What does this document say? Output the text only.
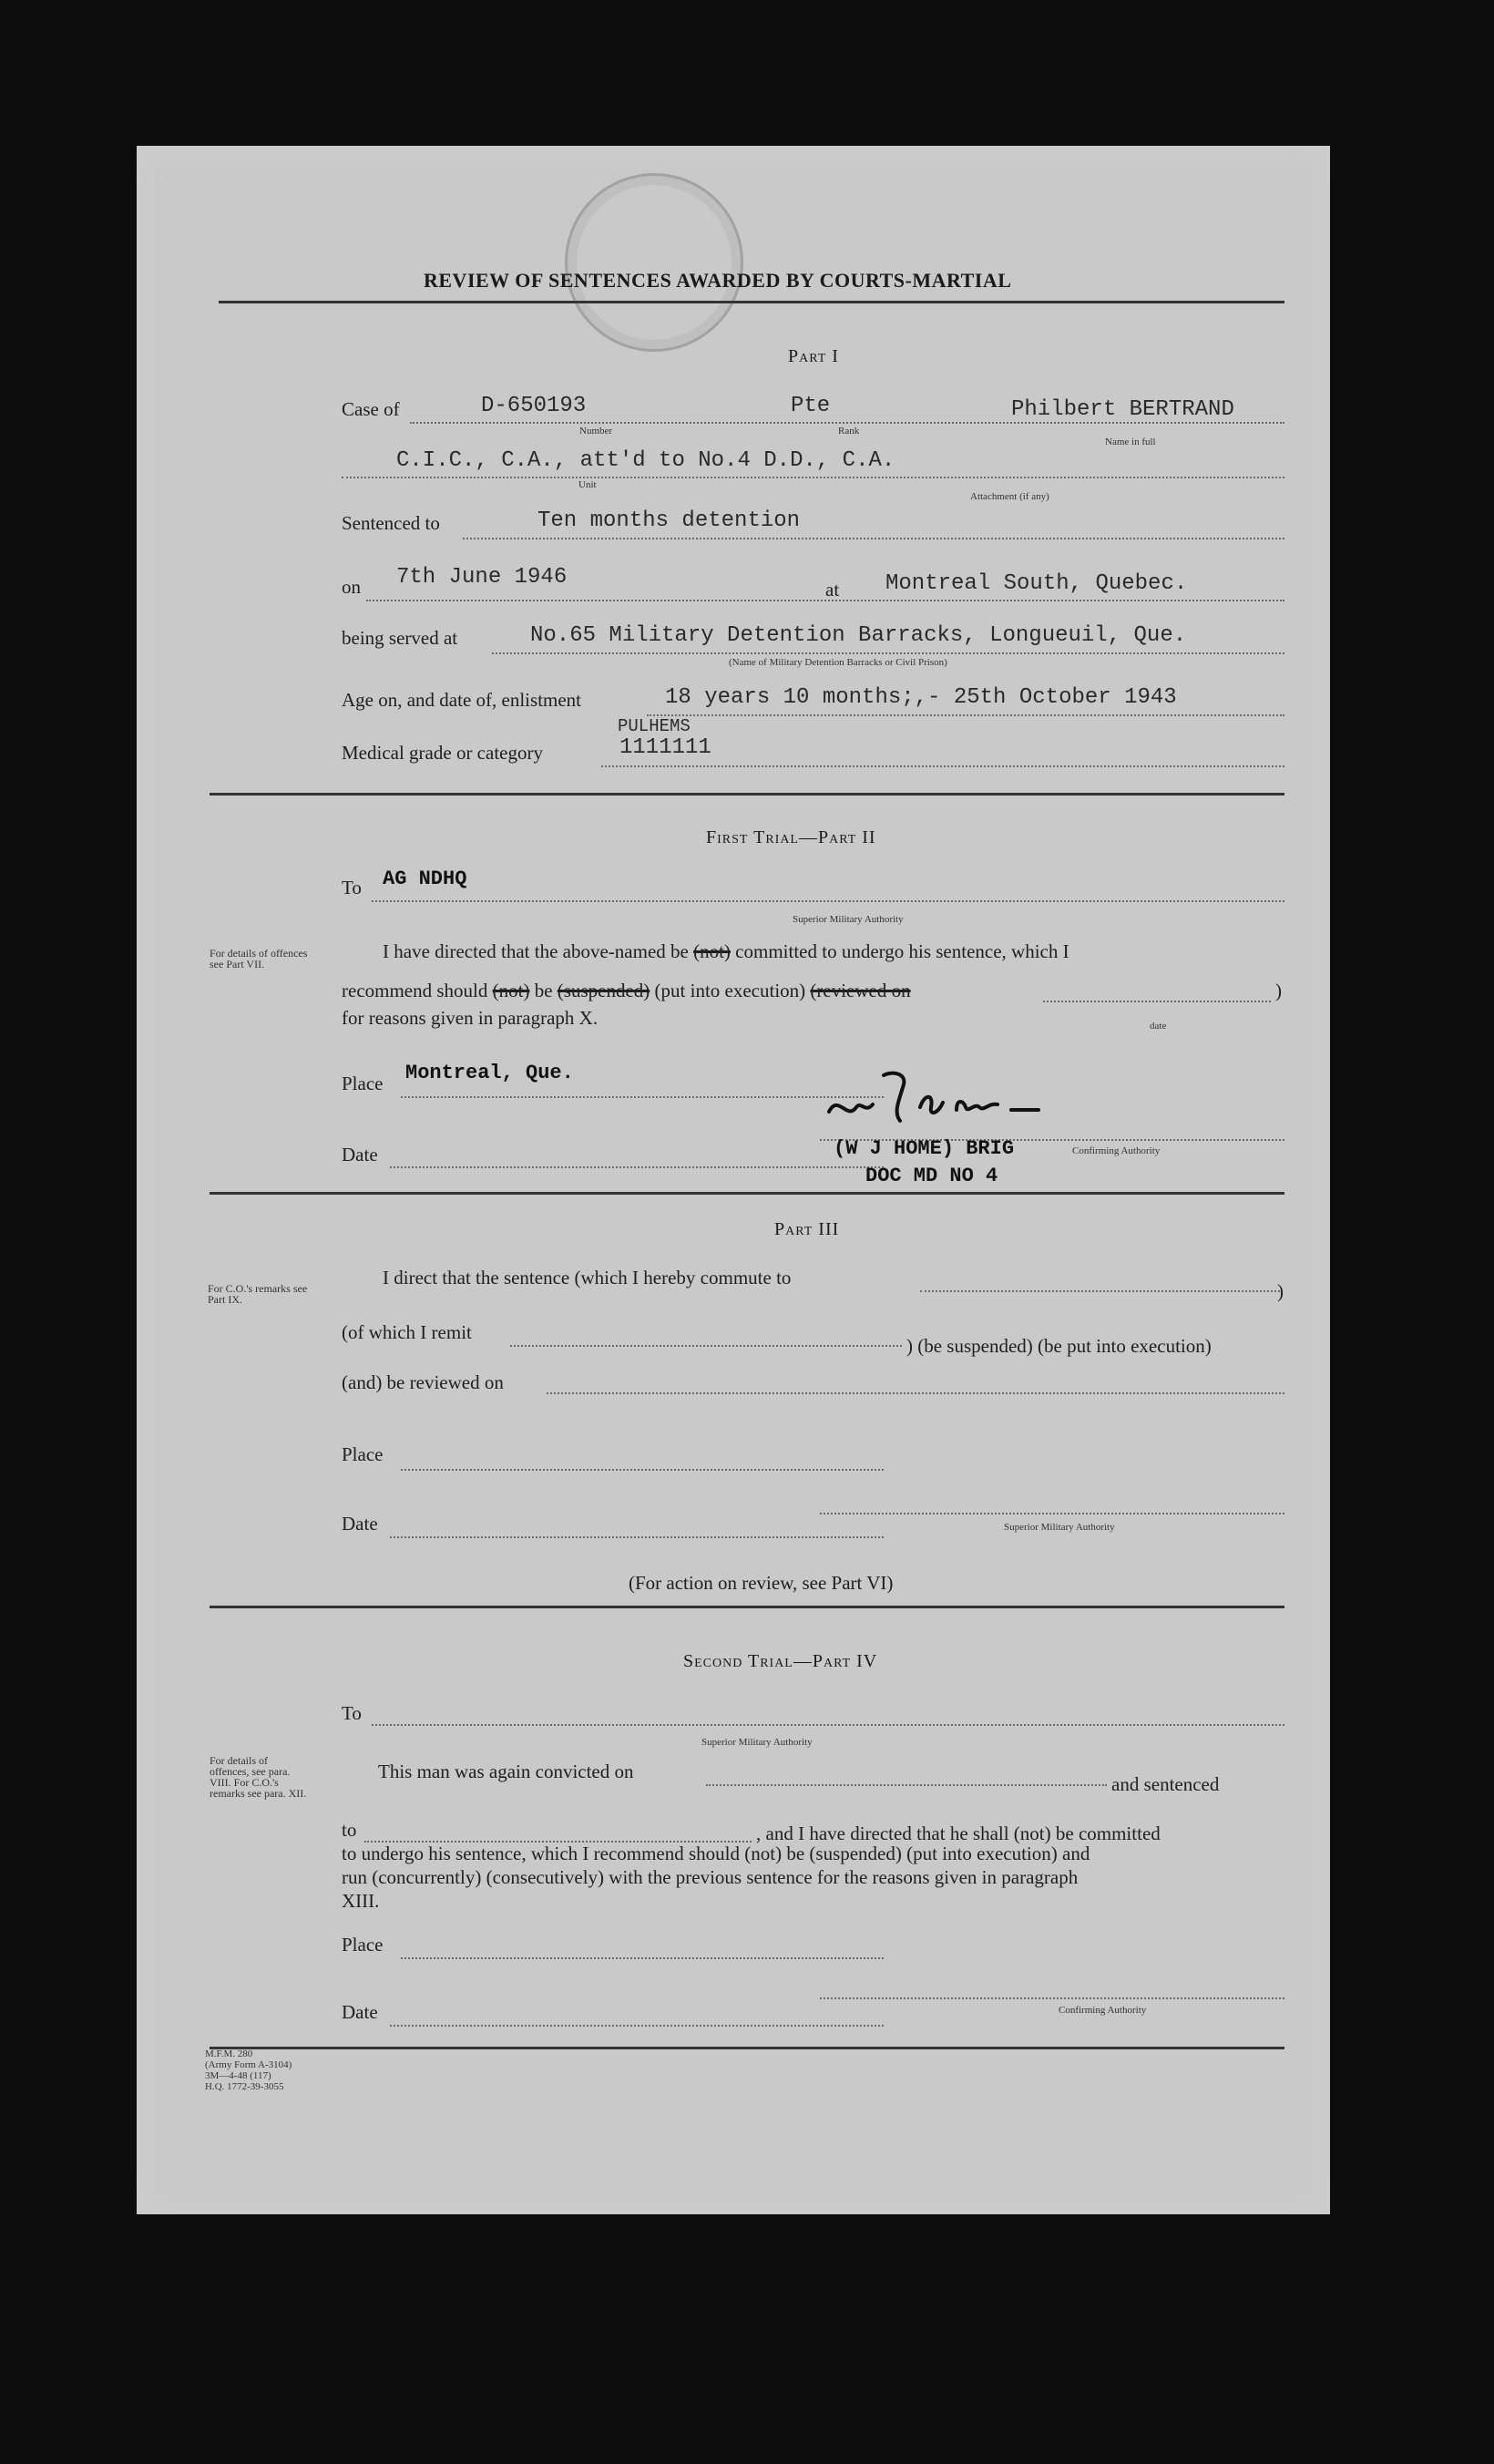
REVIEW OF SENTENCES AWARDED BY COURTS-MARTIAL
Part I
Case of	D-650193
Number
Pte
Rank
Philbert BERTRAND
Name in full
C.I.C., C.A., att'd to No.4 D.D., C.A.
Unit
Attachment (if any)
Sentenced to	Ten months detention
on 7th June 1946	at Montreal South, Quebec.
being served at	No.65 Military Detention Barracks, Longueuil, Que.
(Name of Military Detention Barracks or Civil Prison)
Age on, and date of, enlistment	18 years 10 months;,- 25th October 1943
PULHEMS
Medical grade or category	1111111
First Trial—Part II
To AG NDHQ
Superior Military Authority
For details of offences see Part VII.
I have directed that the above-named be (not) committed to undergo his sentence, which I
recommend should (not) be (suspended) (put into execution) (reviewed on	)
date
for reasons given in paragraph X.
Place Montreal, Que.
Date	(W J HOME) BRIG	Confirming Authority
DOC MD NO 4
Part III
For C.O.'s remarks see Part IX.
I direct that the sentence (which I hereby commute to
)
(of which I remit
) (be suspended) (be put into execution)
(and) be reviewed on
Place
Date	Superior Military Authority
(For action on review, see Part VI)
Second Trial—Part IV
To
Superior Military Authority
For details of offences, see para. VIII. For C.O.'s remarks see para. XII.
This man was again convicted on
and sentenced
to	, and I have directed that he shall (not) be committed
to undergo his sentence, which I recommend should (not) be (suspended) (put into execution) and
run (concurrently) (consecutively) with the previous sentence for the reasons given in paragraph
XIII.
Place
Date	Confirming Authority
M.F.M. 280
(Army Form A-3104)
3M—4-48 (117)
H.Q. 1772-39-3055
